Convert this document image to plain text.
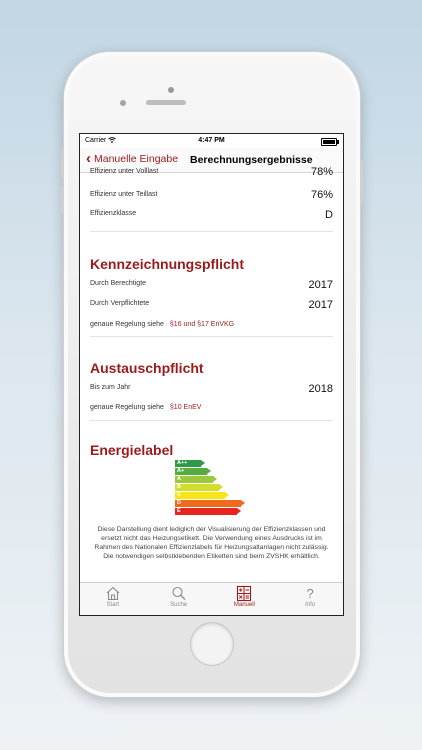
Carrier	4:47 PM
‹ Manuelle Eingabe Berechnungsergebnisse
Effizienz unter Volllast	78%
Effizienz unter Teillast	76%
Effizienzklasse	D
Kennzeichnungspflicht
Durch Berechtigte	2017
Durch Verpflichtete	2017
genaue Regelung siehe §16 und §17 EnVKG
Austauschpflicht
Bis zum Jahr	2018
genaue Regelung siehe §10 EnEV
Energielabel
A++
A+
A
B
C
D
E
Diese Darstellung dient lediglich der Visualisierung der Effizienzklassen und ersetzt nicht das Heizungsetikett. Die Verwendung eines Ausdrucks ist im Rahmen des Nationalen Effizienzlabels für Heizungsaltanlagen nicht zulässig. Die notwendigen selbstklebenden Etiketten sind beim ZVSHK erhältlich.
Start	Suche	Manuell
?
Info
